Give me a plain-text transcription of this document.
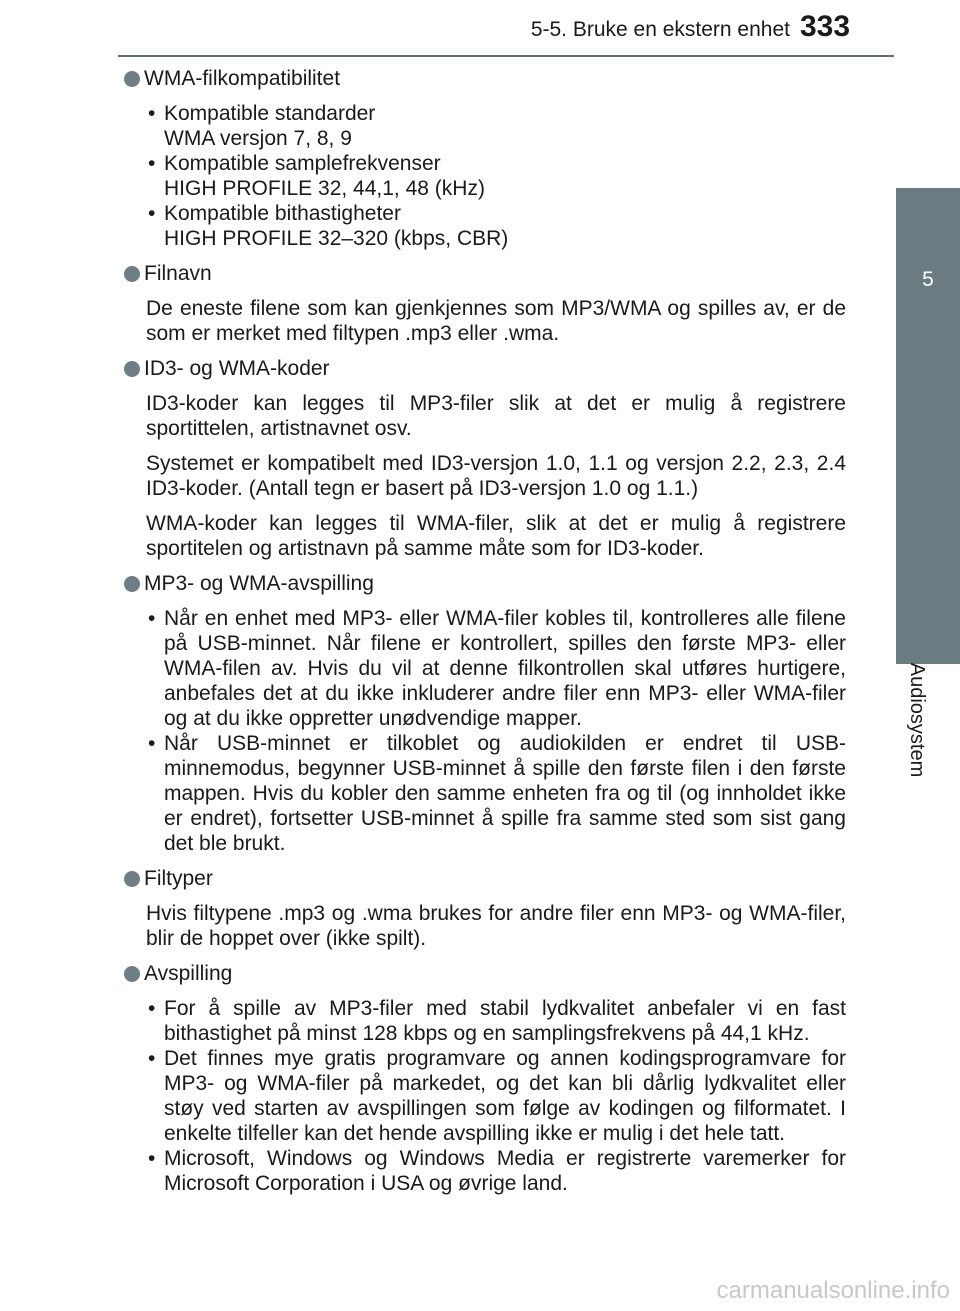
5-5. Bruke en ekstern enhet 333
5
Audiosystem
WMA-filkompatibilitet
• Kompatible standarder
WMA versjon 7, 8, 9
• Kompatible samplefrekvenser
HIGH PROFILE 32, 44,1, 48 (kHz)
• Kompatible bithastigheter
HIGH PROFILE 32–320 (kbps, CBR)
Filnavn
De eneste filene som kan gjenkjennes som MP3/WMA og spilles av, er de som er merket med filtypen .mp3 eller .wma.
ID3- og WMA-koder
ID3-koder kan legges til MP3-filer slik at det er mulig å registrere sportittelen, artistnavnet osv.
Systemet er kompatibelt med ID3-versjon 1.0, 1.1 og versjon 2.2, 2.3, 2.4 ID3-koder. (Antall tegn er basert på ID3-versjon 1.0 og 1.1.)
WMA-koder kan legges til WMA-filer, slik at det er mulig å registrere sportitelen og artistnavn på samme måte som for ID3-koder.
MP3- og WMA-avspilling
• Når en enhet med MP3- eller WMA-filer kobles til, kontrolleres alle filene på USB-minnet. Når filene er kontrollert, spilles den første MP3- eller WMA-filen av. Hvis du vil at denne filkontrollen skal utføres hurtigere, anbefales det at du ikke inkluderer andre filer enn MP3- eller WMA-filer og at du ikke oppretter unødvendige mapper.
• Når USB-minnet er tilkoblet og audiokilden er endret til USB-minnemodus, begynner USB-minnet å spille den første filen i den første mappen. Hvis du kobler den samme enheten fra og til (og innholdet ikke er endret), fortsetter USB-minnet å spille fra samme sted som sist gang det ble brukt.
Filtyper
Hvis filtypene .mp3 og .wma brukes for andre filer enn MP3- og WMA-filer, blir de hoppet over (ikke spilt).
Avspilling
• For å spille av MP3-filer med stabil lydkvalitet anbefaler vi en fast bithastighet på minst 128 kbps og en samplingsfrekvens på 44,1 kHz.
• Det finnes mye gratis programvare og annen kodingsprogramvare for MP3- og WMA-filer på markedet, og det kan bli dårlig lydkvalitet eller støy ved starten av avspillingen som følge av kodingen og filformatet. I enkelte tilfeller kan det hende avspilling ikke er mulig i det hele tatt.
• Microsoft, Windows og Windows Media er registrerte varemerker for Microsoft Corporation i USA og øvrige land.
carmanualsonline.info
